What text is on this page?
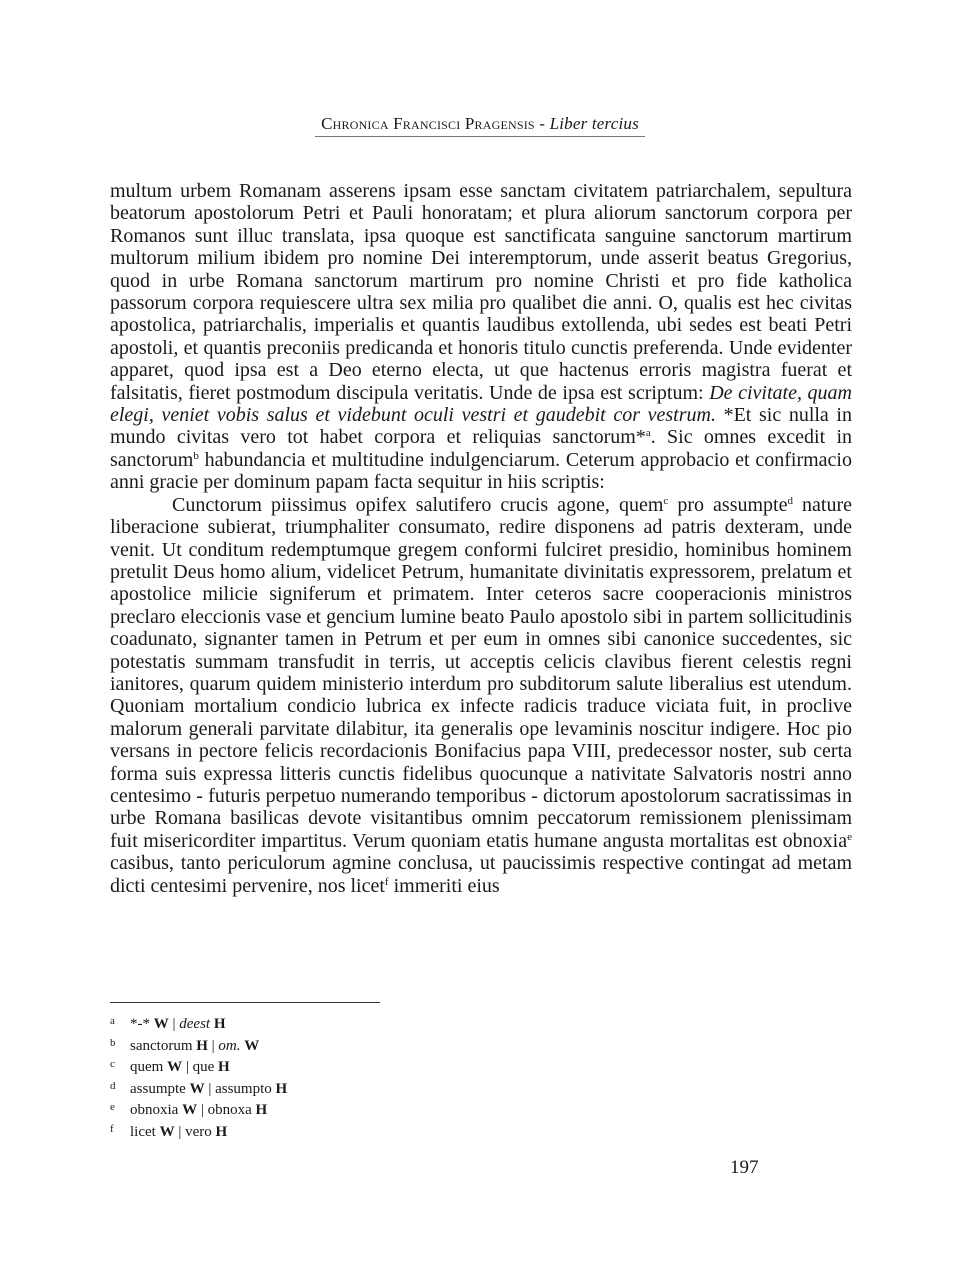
Chronica Francisci Pragensis - Liber tercius

multum urbem Romanam asserens ipsam esse sanctam civitatem patriarchalem, sepultura beatorum apostolorum Petri et Pauli honoratam; et plura aliorum sanctorum corpora per Romanos sunt illuc translata, ipsa quoque est sanctificata sanguine sanctorum martirum multorum milium ibidem pro nomine Dei interemptorum, unde asserit beatus Gregorius, quod in urbe Romana sanctorum martirum pro nomine Christi et pro fide katholica passorum corpora requiescere ultra sex milia pro qualibet die anni. O, qualis est hec civitas apostolica, patriarchalis, imperialis et quantis laudibus extollenda, ubi sedes est beati Petri apostoli, et quantis preconiis predicanda et honoris titulo cunctis preferenda. Unde evidenter apparet, quod ipsa est a Deo eterno electa, ut que hactenus erroris magistra fuerat et falsitatis, fieret postmodum discipula veritatis. Unde de ipsa est scriptum: De civitate, quam elegi, veniet vobis salus et videbunt oculi vestri et gaudebit cor vestrum. *Et sic nulla in mundo civitas vero tot habet corpora et reliquias sanctorum*$^a$. Sic omnes excedit in sanctorum$^b$ habundancia et multitudine indulgenciarum. Ceterum approbacio et confirmacio anni gracie per dominum papam facta sequitur in hiis scriptis:

Cunctorum piissimus opifex salutifero crucis agone, quem$^c$ pro assumpte$^d$ nature liberacione subierat, triumphaliter consumato, redire disponens ad patris dexteram, unde venit. Ut conditum redemptumque gregem conformi fulciret presidio, hominibus hominem pretulit Deus homo alium, videlicet Petrum, humanitate divinitatis expressorem, prelatum et apostolice milicie signiferum et primatem. Inter ceteros sacre cooperacionis ministros preclaro eleccionis vase et gencium lumine beato Paulo apostolo sibi in partem sollicitudinis coadunato, signanter tamen in Petrum et per eum in omnes sibi canonice succedentes, sic potestatis summam transfudit in terris, ut acceptis celicis clavibus fierent celestis regni ianitores, quarum quidem ministerio interdum pro subditorum salute liberalius est utendum. Quoniam mortalium condicio lubrica ex infecte radicis traduce viciata fuit, in proclive malorum generali parvitate dilabitur, ita generalis ope levaminis noscitur indigere. Hoc pio versans in pectore felicis recordacionis Bonifacius papa VIII, predecessor noster, sub certa forma suis expressa litteris cunctis fidelibus quocunque a nativitate Salvatoris nostri anno centesimo - futuris perpetuo numerando temporibus - dictorum apostolorum sacratissimas in urbe Romana basilicas devote visitantibus omnim peccatorum remissionem plenissimam fuit misericorditer impartitus. Verum quoniam etatis humane angusta mortalitas est obnoxia$^e$ casibus, tanto periculorum agmine conclusa, ut paucissimis respective contingat ad metam dicti centesimi pervenire, nos licet$^f$ immeriti eius

a *-* W | deest H
b sanctorum H | om. W
c quem W | que H
d assumpte W | assumpto H
e obnoxia W | obnoxa H
f licet W | vero H
197
